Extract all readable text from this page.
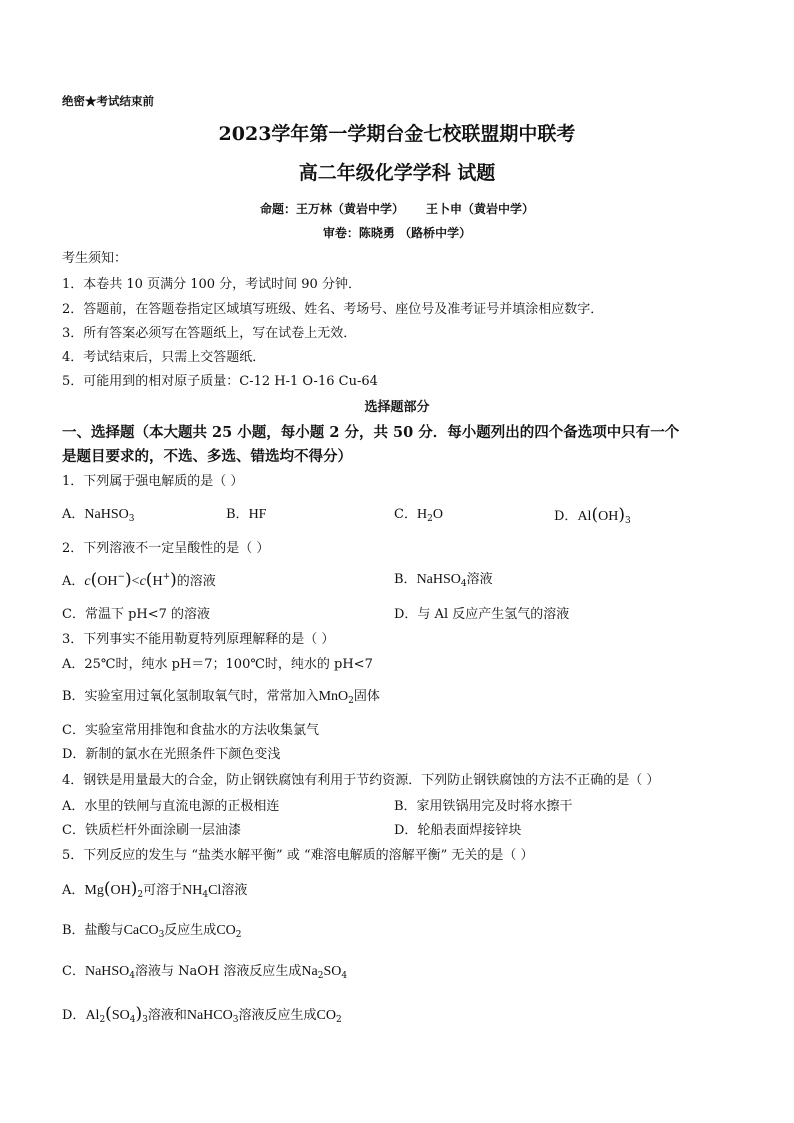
绝密★考试结束前
2023学年第一学期台金七校联盟期中联考
高二年级化学学科 试题
命题：王万林（黄岩中学） 王卜申（黄岩中学）
审卷：陈晓勇 （路桥中学）
考生须知：
1．本卷共 10 页满分 100 分，考试时间 90 分钟．
2．答题前，在答题卷指定区域填写班级、姓名、考场号、座位号及准考证号并填涂相应数字．
3．所有答案必须写在答题纸上，写在试卷上无效．
4．考试结束后，只需上交答题纸．
5．可能用到的相对原子质量：C-12 H-1 O-16 Cu-64
选择题部分
一、选择题（本大题共 25 小题，每小题 2 分，共 50 分．每小题列出的四个备选项中只有一个
是题目要求的，不选、多选、错选均不得分）
1．下列属于强电解质的是（ ）
A．NaHSO$_3$	B．HF	C．$H_2O$	D．$Al(OH)_3$
2．下列溶液不一定呈酸性的是（ ）
A．c(OH−)<c(H+)的溶液	B．NaHSO$_4$溶液
C．常温下 pH<7 的溶液	D．与 Al 反应产生氢气的溶液
3．下列事实不能用勒夏特列原理解释的是（ ）
A．25℃时，纯水 pH＝7；100℃时，纯水的 pH<7
B．实验室用过氧化氢制取氧气时，常常加入MnO$_2$固体
C．实验室常用排饱和食盐水的方法收集氯气
D．新制的氯水在光照条件下颜色变浅
4．钢铁是用量最大的合金，防止钢铁腐蚀有利用于节约资源．下列防止钢铁腐蚀的方法不正确的是（ ）
A．水里的铁闸与直流电源的正极相连	B．家用铁锅用完及时将水擦干
C．铁质栏杆外面涂刷一层油漆	D．轮船表面焊接锌块
5．下列反应的发生与 “盐类水解平衡” 或 “难溶电解质的溶解平衡” 无关的是（ ）
A．$Mg(OH)_2$可溶于$NH_4Cl$溶液
B．盐酸与CaCO$_3$反应生成$CO_2$
C．NaHSO$_4$溶液与 NaOH 溶液反应生成$Na_2SO_4$
D．$Al_2(SO_4)_3$溶液和NaHCO$_3$溶液反应生成$CO_2$
